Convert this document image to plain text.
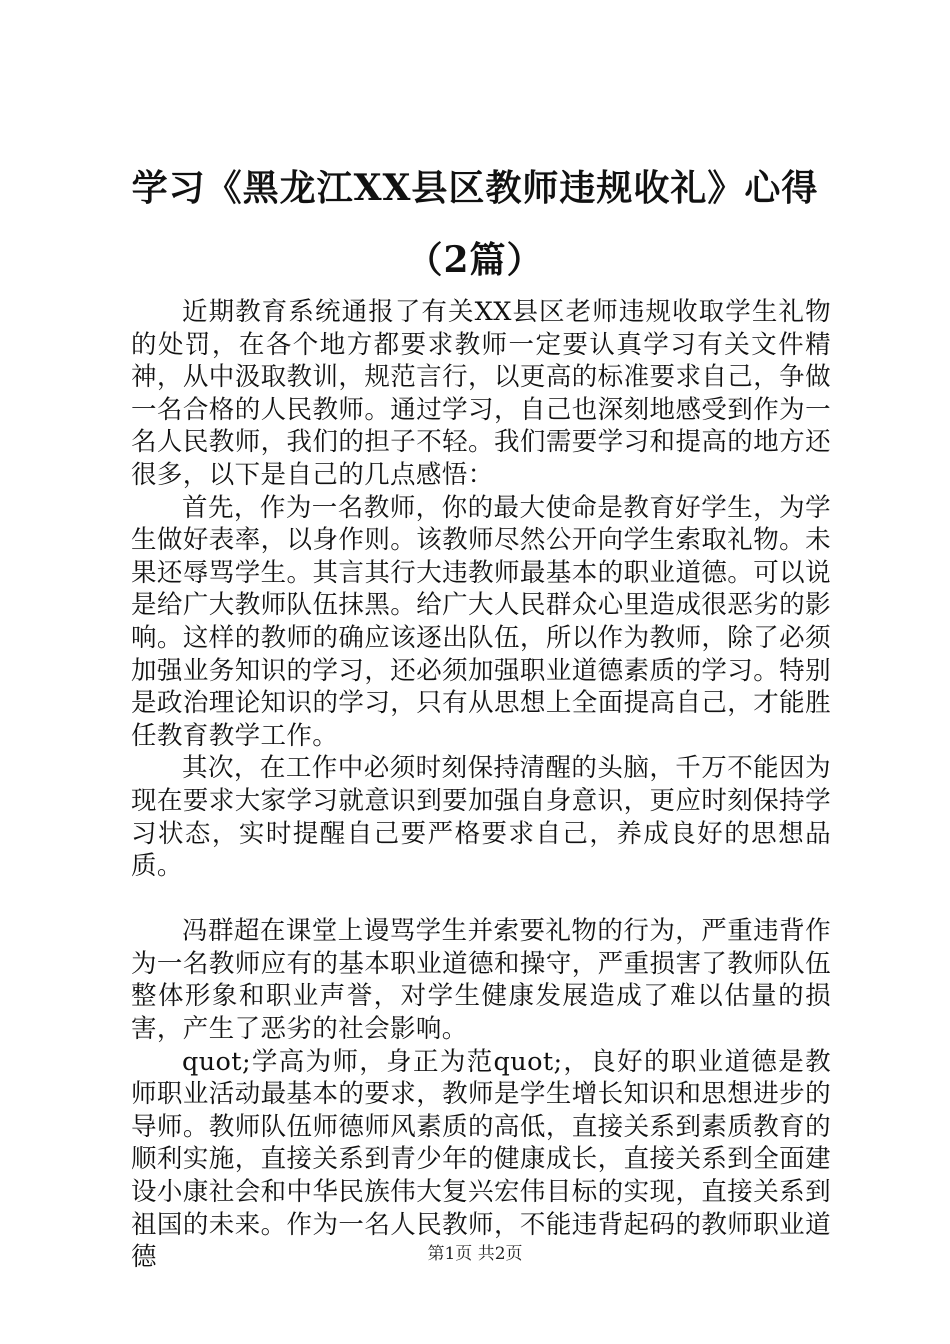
学习《黑龙江XX县区教师违规收礼》心得（2篇）

近期教育系统通报了有关XX县区老师违规收取学生礼物的处罚，在各个地方都要求教师一定要认真学习有关文件精神，从中汲取教训，规范言行，以更高的标准要求自己，争做一名合格的人民教师。通过学习，自己也深刻地感受到作为一名人民教师，我们的担子不轻。我们需要学习和提高的地方还很多，以下是自己的几点感悟：

首先，作为一名教师，你的最大使命是教育好学生，为学生做好表率，以身作则。该教师尽然公开向学生索取礼物。未果还辱骂学生。其言其行大违教师最基本的职业道德。可以说是给广大教师队伍抹黑。给广大人民群众心里造成很恶劣的影响。这样的教师的确应该逐出队伍，所以作为教师，除了必须加强业务知识的学习，还必须加强职业道德素质的学习。特别是政治理论知识的学习，只有从思想上全面提高自己，才能胜任教育教学工作。

其次，在工作中必须时刻保持清醒的头脑，千万不能因为现在要求大家学习就意识到要加强自身意识，更应时刻保持学习状态，实时提醒自己要严格要求自己，养成良好的思想品质。

冯群超在课堂上谩骂学生并索要礼物的行为，严重违背作为一名教师应有的基本职业道德和操守，严重损害了教师队伍整体形象和职业声誉，对学生健康发展造成了难以估量的损害，产生了恶劣的社会影响。

quot;学高为师，身正为范quot;，良好的职业道德是教师职业活动最基本的要求，教师是学生增长知识和思想进步的导师。教师队伍师德师风素质的高低，直接关系到素质教育的顺利实施，直接关系到青少年的健康成长，直接关系到全面建设小康社会和中华民族伟大复兴宏伟目标的实现，直接关系到祖国的未来。作为一名人民教师，不能违背起码的教师职业道德	第1页 共2页
